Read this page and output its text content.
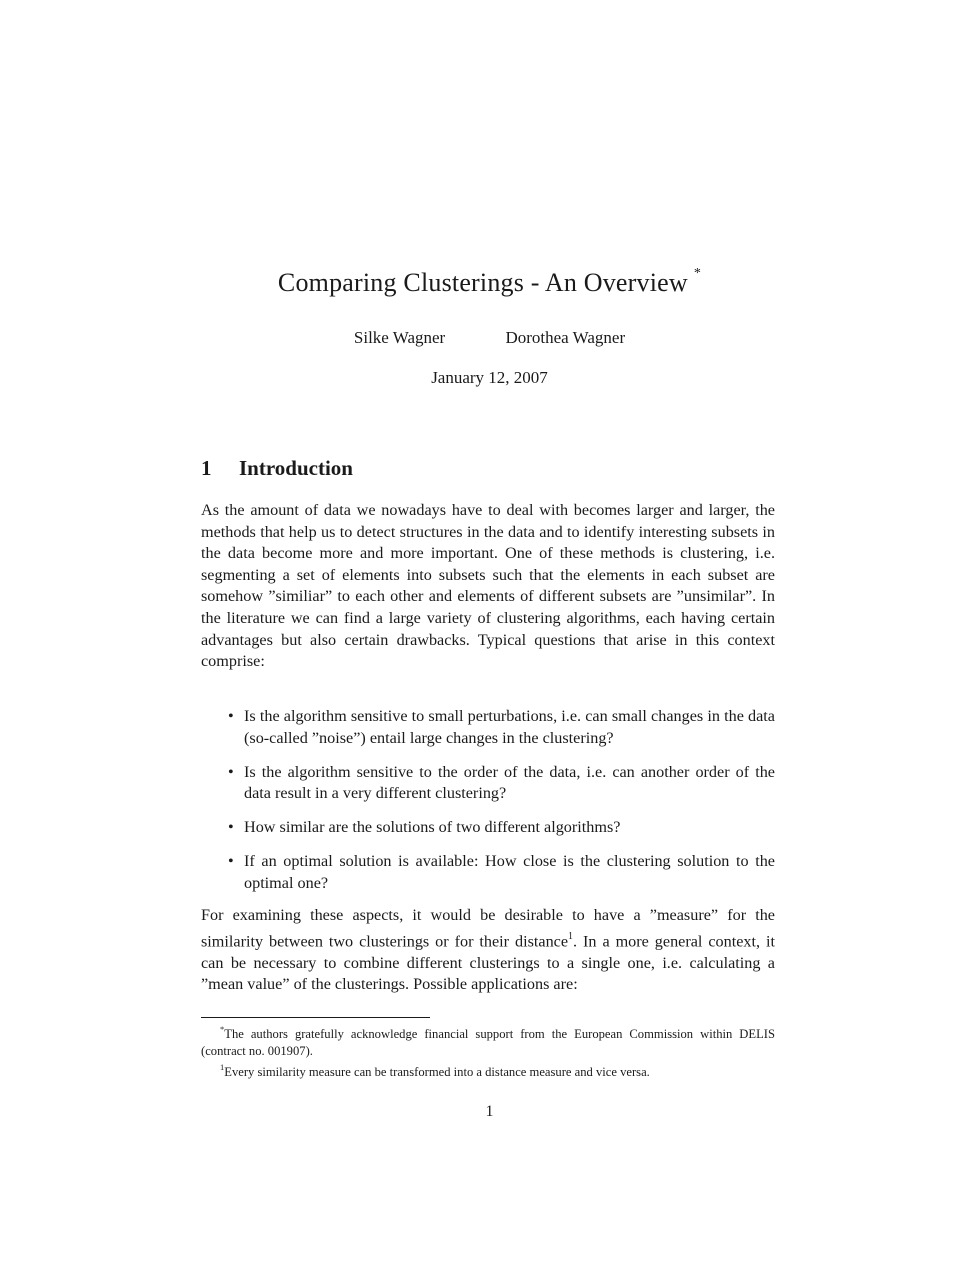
Comparing Clusterings - An Overview *
Silke Wagner	Dorothea Wagner
January 12, 2007
1 Introduction
As the amount of data we nowadays have to deal with becomes larger and larger, the methods that help us to detect structures in the data and to identify interesting subsets in the data become more and more important. One of these methods is clustering, i.e. segmenting a set of elements into subsets such that the elements in each subset are somehow ”similiar” to each other and elements of different subsets are ”unsimilar”. In the literature we can find a large variety of clustering algorithms, each having certain advantages but also certain drawbacks. Typical questions that arise in this context comprise:
• Is the algorithm sensitive to small perturbations, i.e. can small changes in the data (so-called ”noise”) entail large changes in the clustering?
• Is the algorithm sensitive to the order of the data, i.e. can another order of the data result in a very different clustering?
• How similar are the solutions of two different algorithms?
• If an optimal solution is available: How close is the clustering solution to the optimal one?
For examining these aspects, it would be desirable to have a ”measure” for the similarity between two clusterings or for their distance$^1$. In a more general context, it can be necessary to combine different clusterings to a single one, i.e. calculating a ”mean value” of the clusterings. Possible applications are:

*The authors gratefully acknowledge financial support from the European Commission within DELIS (contract no. 001907).

$^1$Every similarity measure can be transformed into a distance measure and vice versa.

1
